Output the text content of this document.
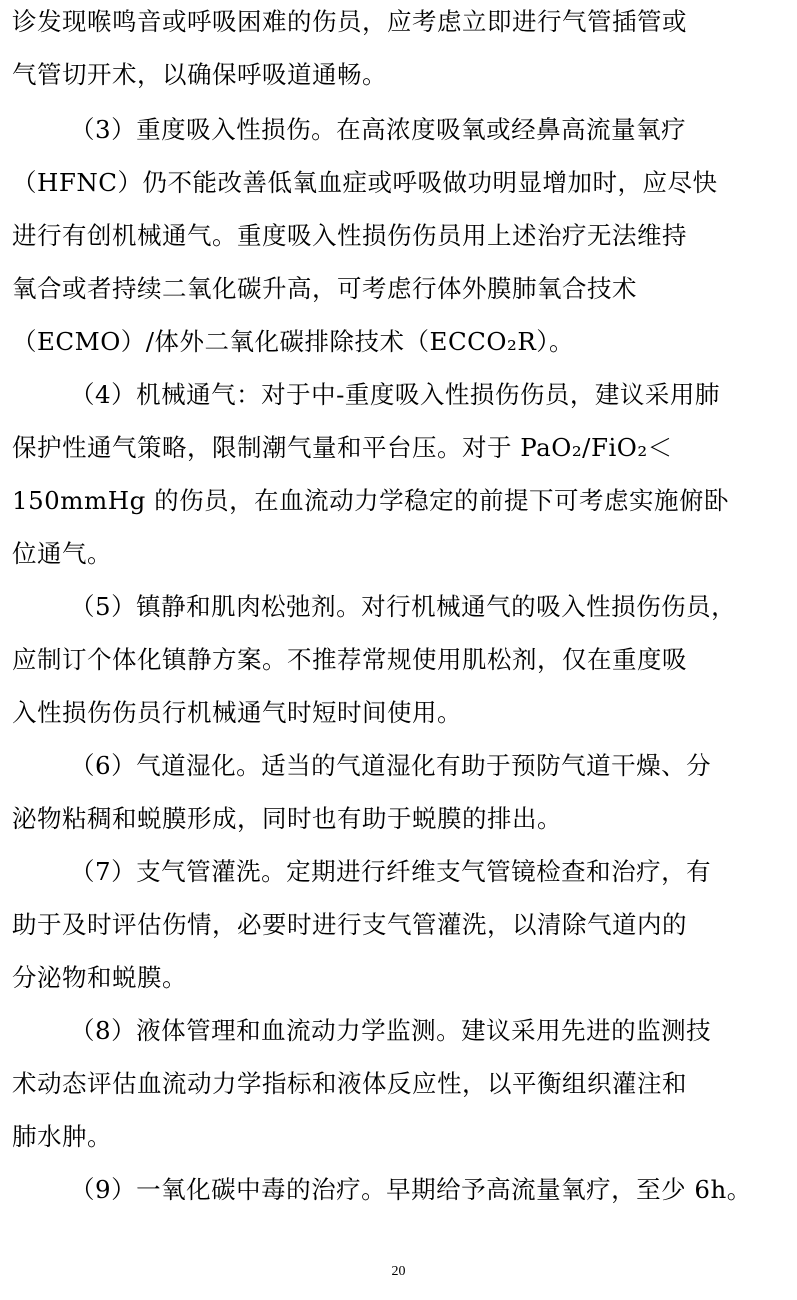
诊发现喉鸣音或呼吸困难的伤员，应考虑立即进行气管插管或
气管切开术，以确保呼吸道通畅。
（3）重度吸入性损伤。在高浓度吸氧或经鼻高流量氧疗
（HFNC）仍不能改善低氧血症或呼吸做功明显增加时，应尽快
进行有创机械通气。重度吸入性损伤伤员用上述治疗无法维持
氧合或者持续二氧化碳升高，可考虑行体外膜肺氧合技术
（ECMO）/体外二氧化碳排除技术（ECCO₂R）。
（4）机械通气：对于中-重度吸入性损伤伤员，建议采用肺
保护性通气策略，限制潮气量和平台压。对于 PaO₂/FiO₂＜
150mmHg 的伤员，在血流动力学稳定的前提下可考虑实施俯卧
位通气。
（5）镇静和肌肉松弛剂。对行机械通气的吸入性损伤伤员，
应制订个体化镇静方案。不推荐常规使用肌松剂，仅在重度吸
入性损伤伤员行机械通气时短时间使用。
（6）气道湿化。适当的气道湿化有助于预防气道干燥、分
泌物粘稠和蜕膜形成，同时也有助于蜕膜的排出。
（7）支气管灌洗。定期进行纤维支气管镜检查和治疗，有
助于及时评估伤情，必要时进行支气管灌洗，以清除气道内的
分泌物和蜕膜。
（8）液体管理和血流动力学监测。建议采用先进的监测技
术动态评估血流动力学指标和液体反应性，以平衡组织灌注和
肺水肿。
（9）一氧化碳中毒的治疗。早期给予高流量氧疗，至少 6h。
20
